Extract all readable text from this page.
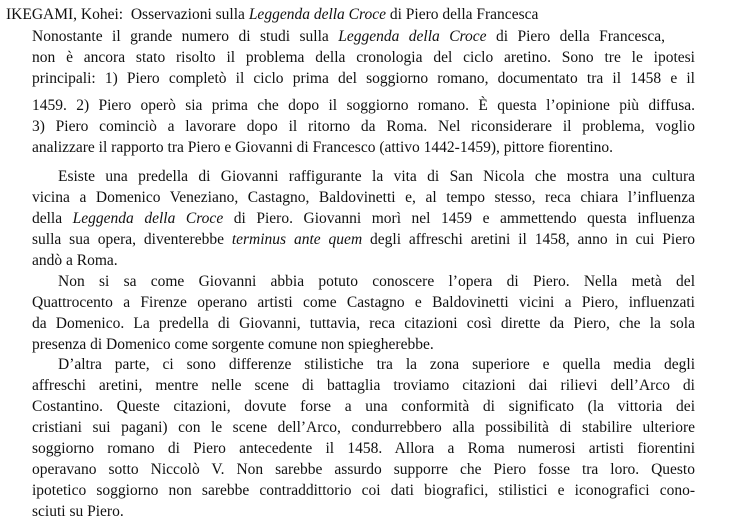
IKEGAMI, Kohei: Osservazioni sulla Leggenda della Croce di Piero della Francesca
Nonostante il grande numero di studi sulla Leggenda della Croce di Piero della Francesca,
non è ancora stato risolto il problema della cronologia del ciclo aretino. Sono tre le ipotesi
principali: 1) Piero completò il ciclo prima del soggiorno romano, documentato tra il 1458 e il
1459. 2) Piero operò sia prima che dopo il soggiorno romano. È questa l’opinione più diffusa.
3) Piero cominciò a lavorare dopo il ritorno da Roma. Nel riconsiderare il problema, voglio
analizzare il rapporto tra Piero e Giovanni di Francescо (attivo 1442-1459), pittore fiorentino.
Esiste una predella di Giovanni raffigurante la vita di San Nicola che mostra una cultura
vicina a Domenico Veneziano, Castagno, Baldovinetti e, al tempo stesso, reca chiara l’influenza
della Leggenda della Croce di Piero. Giovanni morì nel 1459 e ammettendo questa influenza
sulla sua opera, diventerebbe terminus ante quem degli affreschi aretini il 1458, anno in cui Piero
andò a Roma.
Non si sa come Giovanni abbia potuto conoscere l’opera di Piero. Nella metà del
Quattrocento a Firenze operano artisti come Castagno e Baldovinetti vicini a Piero, influenzati
da Domenico. La predella di Giovanni, tuttavia, reca citazioni così dirette da Piero, che la sola
presenza di Domenico come sorgente comune non spiegherebbe.
D’altra parte, ci sono differenze stilistiche tra la zona superiore e quella media degli
affreschi aretini, mentre nelle scene di battaglia troviamo citazioni dai rilievi dell’Arco di
Costantino. Queste citazioni, dovute forse a una conformità di significato (la vittoria dei
cristiani sui pagani) con le scene dell’Arco, condurrebbero alla possibilità di stabilire ulteriore
soggiorno romano di Piero antecedente il 1458. Allora a Roma numerosi artisti fiorentini
operavano sotto Niccolò V. Non sarebbe assurdo supporre che Piero fosse tra loro. Questo
ipotetico soggiorno non sarebbe contraddittorio coi dati biografici, stilistici e iconografici cono-
sciuti su Piero.
